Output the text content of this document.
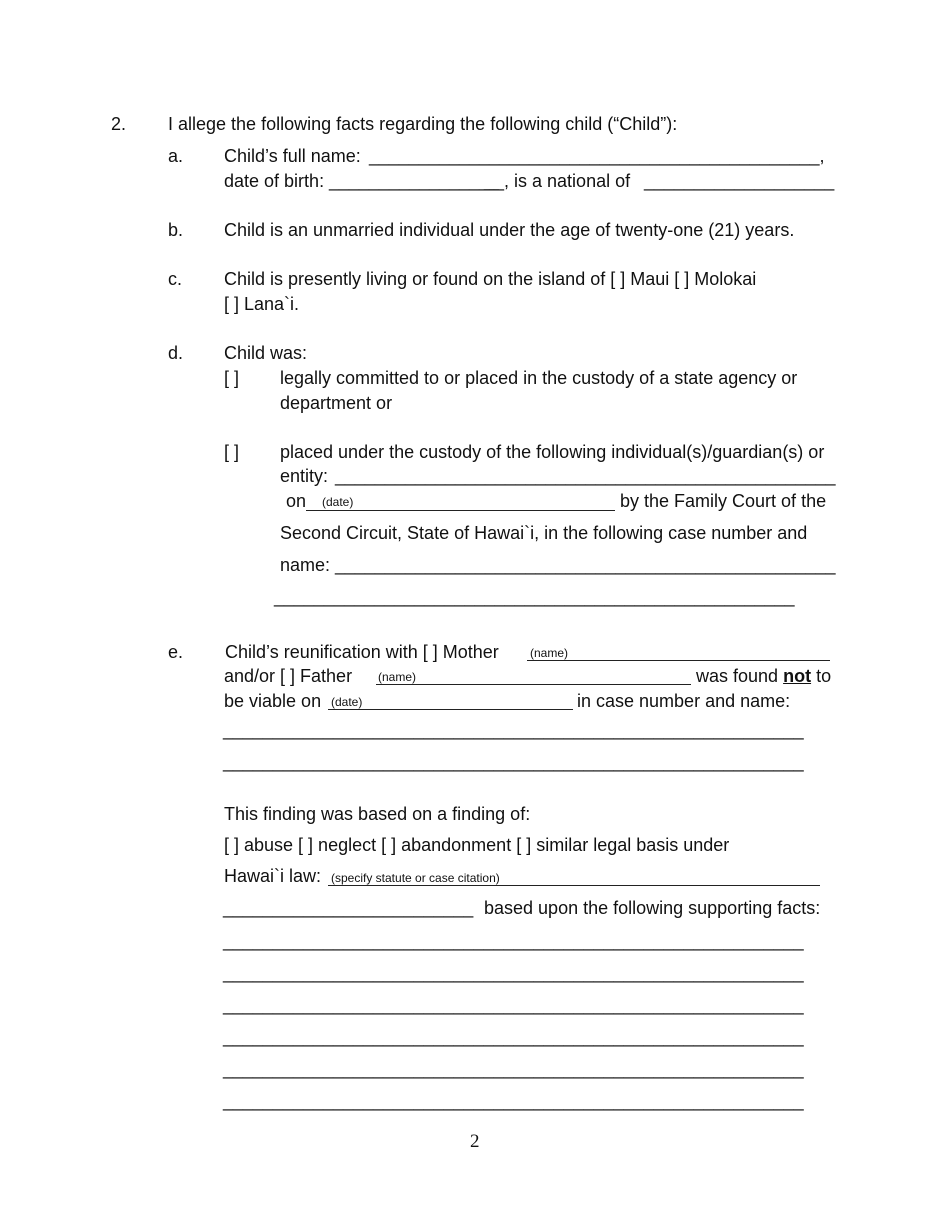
2. I allege the following facts regarding the following child (“Child”):
a. Child’s full name: _____________________________________________,
date of birth: _________________
__, is a national of ___________________
b. Child is an unmarried individual under the age of twenty-one (21) years.
c. Child is presently living or found on the island of [ ] Maui [ ] Molokai
[ ] Lana`i.
d. Child was:
[ ] legally committed to or placed in the custody of a state agency or
department or
[ ] placed under the custody of the following individual(s)/guardian(s) or
entity: __________________________________________________
on (date)	by the Family Court of the
Second Circuit, State of Hawai`i, in the following case number and
name: __________________________________________________
____________________________________________________
e. Child’s reunification with [ ] Mother	(name)
and/or [ ] Father (name)	was found not to
be viable on (date)	in case number and name:
__________________________________________________________
__________________________________________________________
This finding was based on a finding of:
[ ] abuse [ ] neglect [ ] abandonment [ ] similar legal basis under
Hawai`i law: (specify statute or case citation)
_________________________ based upon the following supporting facts:
__________________________________________________________
__________________________________________________________
__________________________________________________________
__________________________________________________________
__________________________________________________________
__________________________________________________________
2
